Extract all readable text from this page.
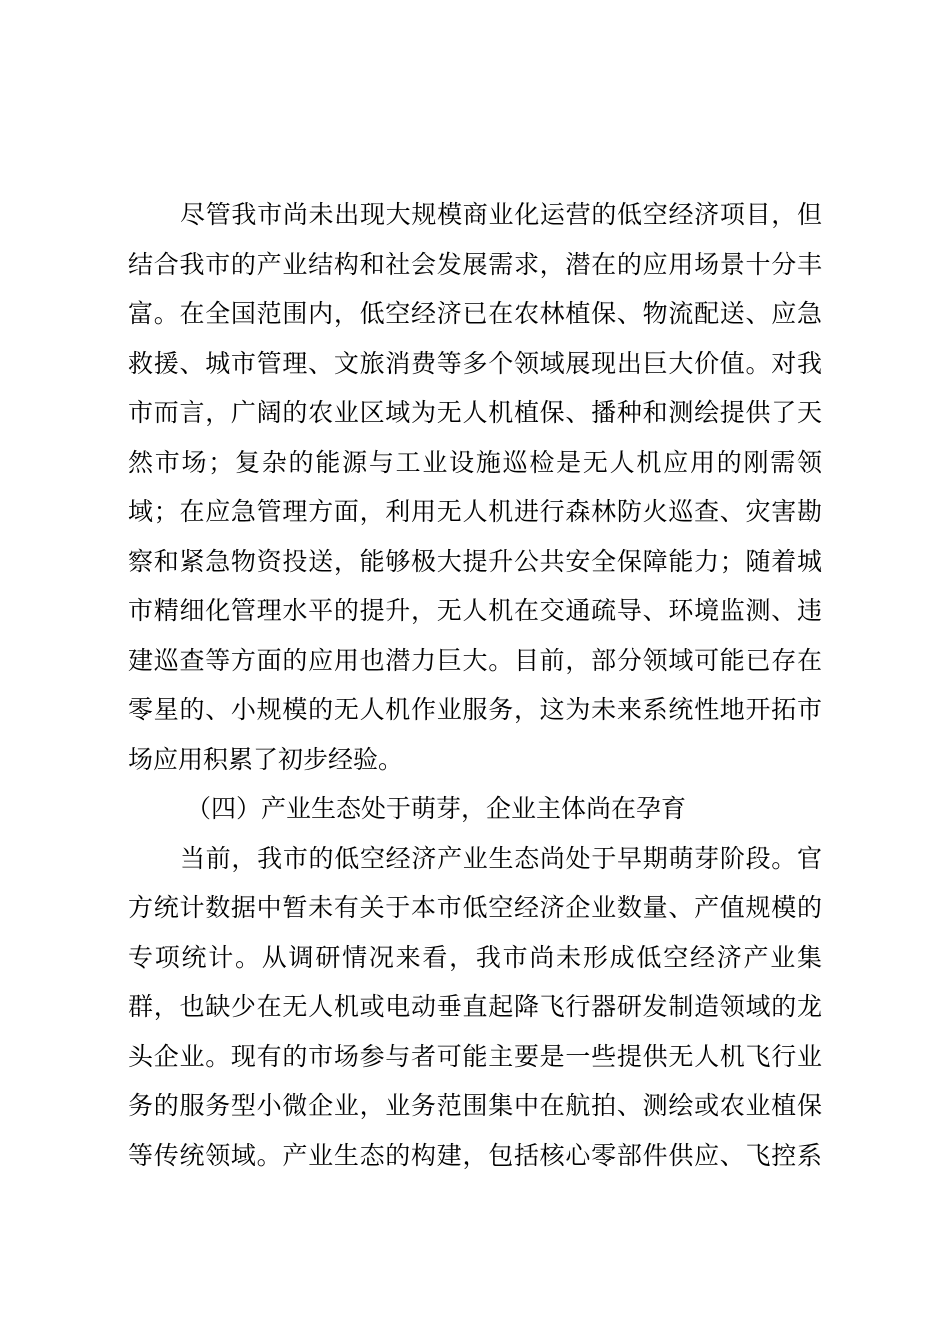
尽管我市尚未出现大规模商业化运营的低空经济项目，但
结合我市的产业结构和社会发展需求，潜在的应用场景十分丰
富。在全国范围内，低空经济已在农林植保、物流配送、应急
救援、城市管理、文旅消费等多个领域展现出巨大价值。对我
市而言，广阔的农业区域为无人机植保、播种和测绘提供了天
然市场；复杂的能源与工业设施巡检是无人机应用的刚需领
域；在应急管理方面，利用无人机进行森林防火巡查、灾害勘
察和紧急物资投送，能够极大提升公共安全保障能力；随着城
市精细化管理水平的提升，无人机在交通疏导、环境监测、违
建巡查等方面的应用也潜力巨大。目前，部分领域可能已存在
零星的、小规模的无人机作业服务，这为未来系统性地开拓市
场应用积累了初步经验。
（四）产业生态处于萌芽，企业主体尚在孕育
当前，我市的低空经济产业生态尚处于早期萌芽阶段。官
方统计数据中暂未有关于本市低空经济企业数量、产值规模的
专项统计。从调研情况来看，我市尚未形成低空经济产业集
群，也缺少在无人机或电动垂直起降飞行器研发制造领域的龙
头企业。现有的市场参与者可能主要是一些提供无人机飞行业
务的服务型小微企业，业务范围集中在航拍、测绘或农业植保
等传统领域。产业生态的构建，包括核心零部件供应、飞控系
